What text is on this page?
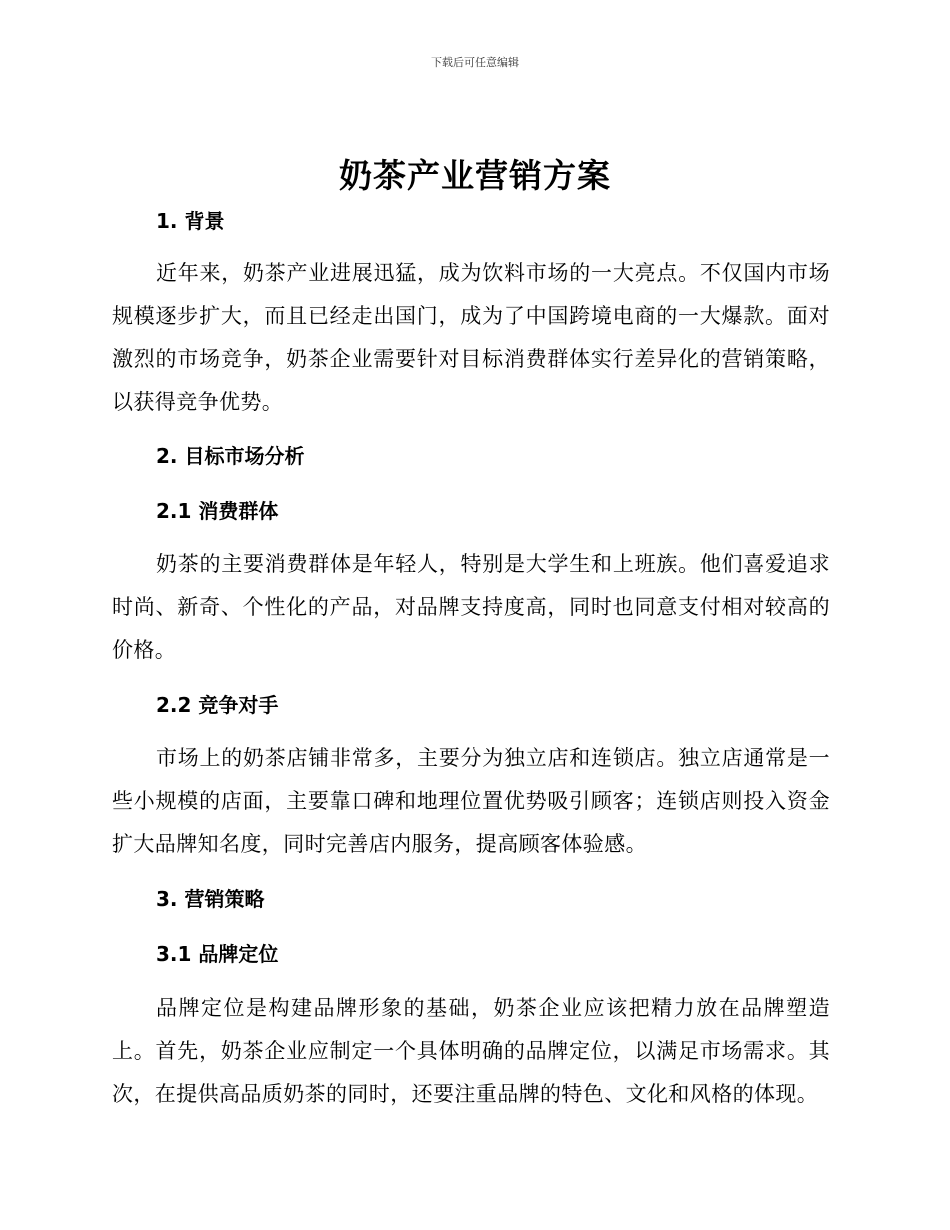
下载后可任意编辑
奶茶产业营销方案
1. 背景

近年来，奶茶产业进展迅猛，成为饮料市场的一大亮点。不仅国内市场规模逐步扩大，而且已经走出国门，成为了中国跨境电商的一大爆款。面对激烈的市场竞争，奶茶企业需要针对目标消费群体实行差异化的营销策略，以获得竞争优势。

2. 目标市场分析
2.1 消费群体

奶茶的主要消费群体是年轻人，特别是大学生和上班族。他们喜爱追求时尚、新奇、个性化的产品，对品牌支持度高，同时也同意支付相对较高的价格。

2.2 竞争对手

市场上的奶茶店铺非常多，主要分为独立店和连锁店。独立店通常是一些小规模的店面，主要靠口碑和地理位置优势吸引顾客；连锁店则投入资金扩大品牌知名度，同时完善店内服务，提高顾客体验感。

3. 营销策略
3.1 品牌定位

品牌定位是构建品牌形象的基础，奶茶企业应该把精力放在品牌塑造上。首先，奶茶企业应制定一个具体明确的品牌定位，以满足市场需求。其次，在提供高品质奶茶的同时，还要注重品牌的特色、文化和风格的体现。
